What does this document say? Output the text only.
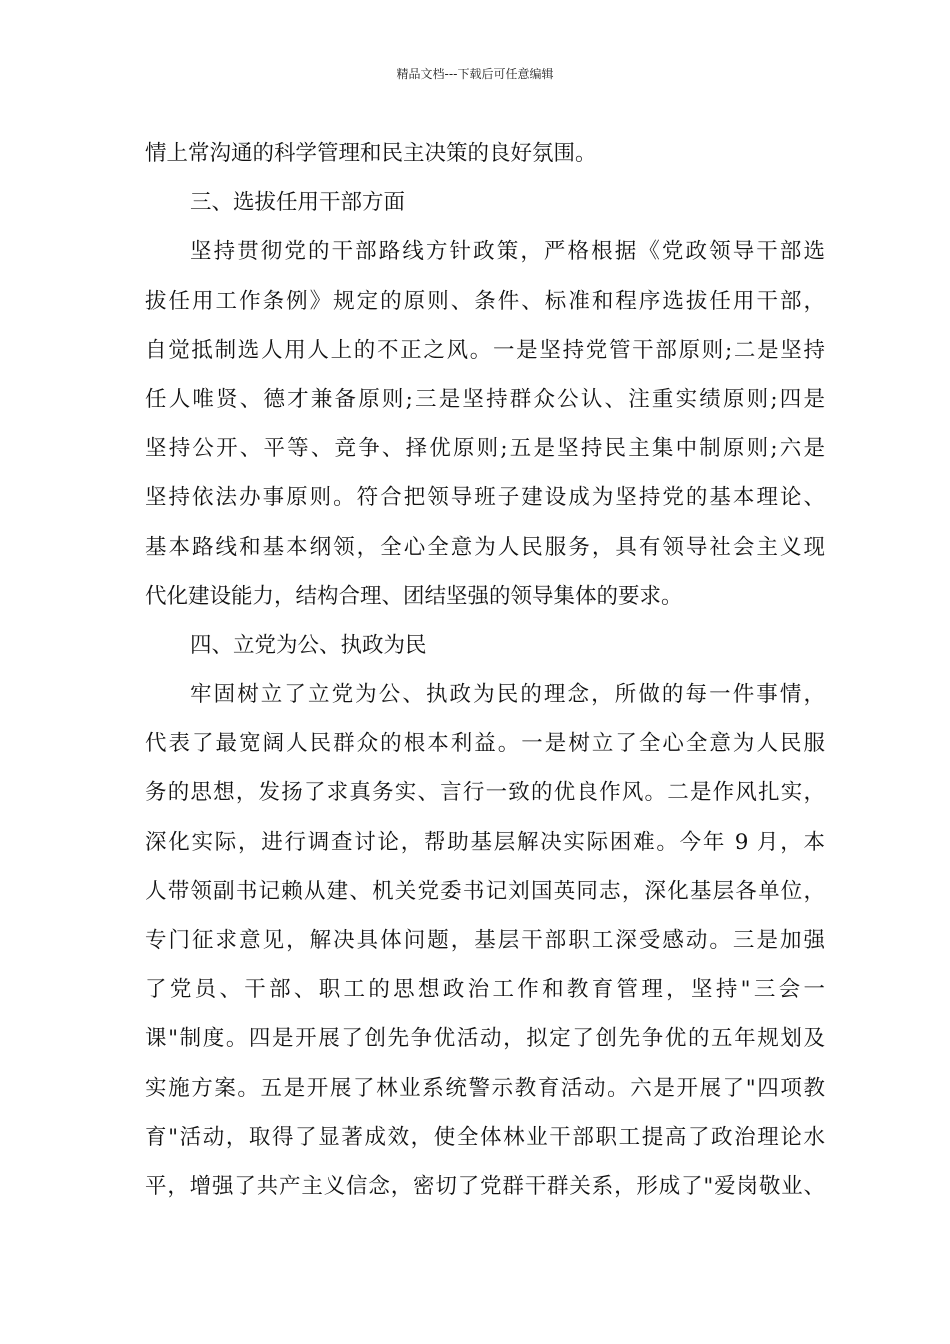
精品文档---下载后可任意编辑
情上常沟通的科学管理和民主决策的良好氛围。
三、选拔任用干部方面
坚持贯彻党的干部路线方针政策，严格根据《党政领导干部选
拔任用工作条例》规定的原则、条件、标准和程序选拔任用干部，
自觉抵制选人用人上的不正之风。一是坚持党管干部原则;二是坚持
任人唯贤、德才兼备原则;三是坚持群众公认、注重实绩原则;四是
坚持公开、平等、竞争、择优原则;五是坚持民主集中制原则;六是
坚持依法办事原则。符合把领导班子建设成为坚持党的基本理论、
基本路线和基本纲领，全心全意为人民服务，具有领导社会主义现
代化建设能力，结构合理、团结坚强的领导集体的要求。
四、立党为公、执政为民
牢固树立了立党为公、执政为民的理念，所做的每一件事情，
代表了最宽阔人民群众的根本利益。一是树立了全心全意为人民服
务的思想，发扬了求真务实、言行一致的优良作风。二是作风扎实，
深化实际，进行调查讨论，帮助基层解决实际困难。今年 9 月，本
人带领副书记赖从建、机关党委书记刘国英同志，深化基层各单位，
专门征求意见，解决具体问题，基层干部职工深受感动。三是加强
了党员、干部、职工的思想政治工作和教育管理，坚持"三会一
课"制度。四是开展了创先争优活动，拟定了创先争优的五年规划及
实施方案。五是开展了林业系统警示教育活动。六是开展了"四项教
育"活动，取得了显著成效，使全体林业干部职工提高了政治理论水
平，增强了共产主义信念，密切了党群干群关系，形成了"爱岗敬业、
